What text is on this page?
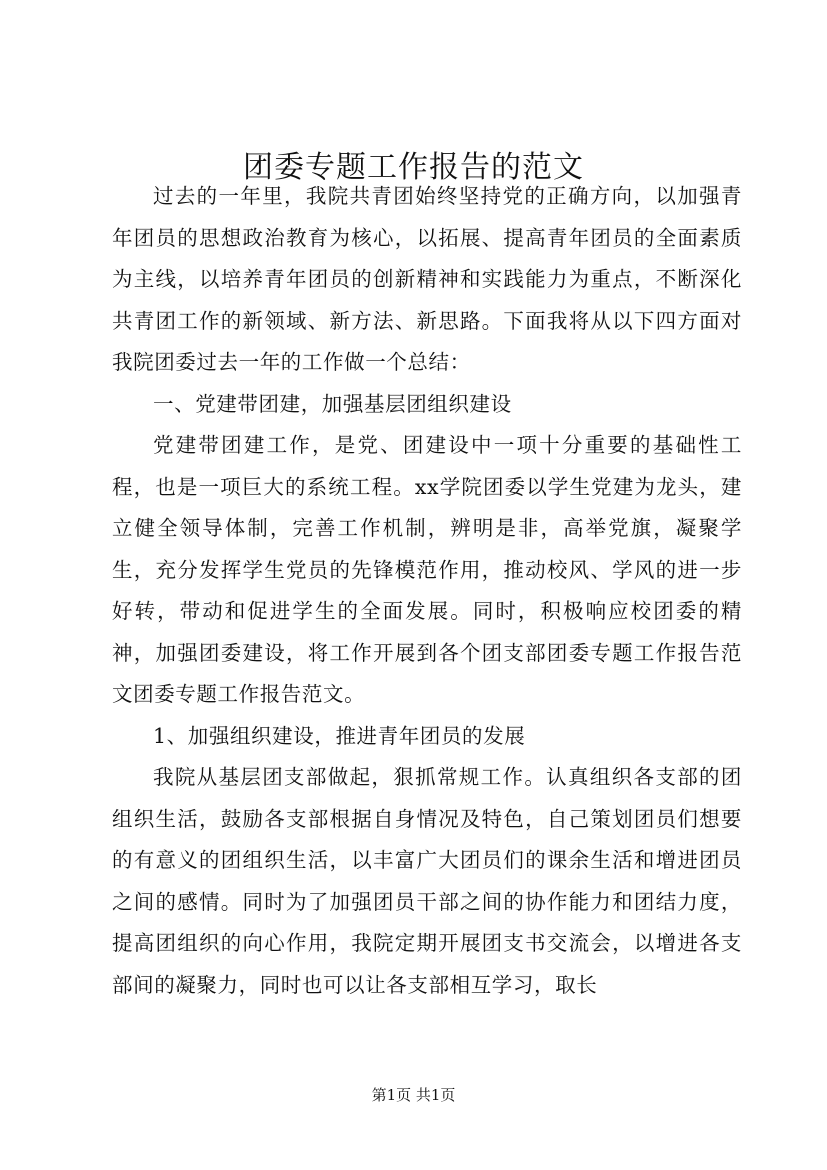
团委专题工作报告的范文

过去的一年里，我院共青团始终坚持党的正确方向，以加强青年团员的思想政治教育为核心，以拓展、提高青年团员的全面素质为主线，以培养青年团员的创新精神和实践能力为重点，不断深化共青团工作的新领域、新方法、新思路。下面我将从以下四方面对我院团委过去一年的工作做一个总结：

一、党建带团建，加强基层团组织建设

党建带团建工作，是党、团建设中一项十分重要的基础性工程，也是一项巨大的系统工程。xx学院团委以学生党建为龙头，建立健全领导体制，完善工作机制，辨明是非，高举党旗，凝聚学生，充分发挥学生党员的先锋模范作用，推动校风、学风的进一步好转，带动和促进学生的全面发展。同时，积极响应校团委的精神，加强团委建设，将工作开展到各个团支部团委专题工作报告范文团委专题工作报告范文。

1、加强组织建设，推进青年团员的发展

我院从基层团支部做起，狠抓常规工作。认真组织各支部的团组织生活，鼓励各支部根据自身情况及特色，自己策划团员们想要的有意义的团组织生活，以丰富广大团员们的课余生活和增进团员之间的感情。同时为了加强团员干部之间的协作能力和团结力度，提高团组织的向心作用，我院定期开展团支书交流会，以增进各支部间的凝聚力，同时也可以让各支部相互学习，取长

第1页 共1页
